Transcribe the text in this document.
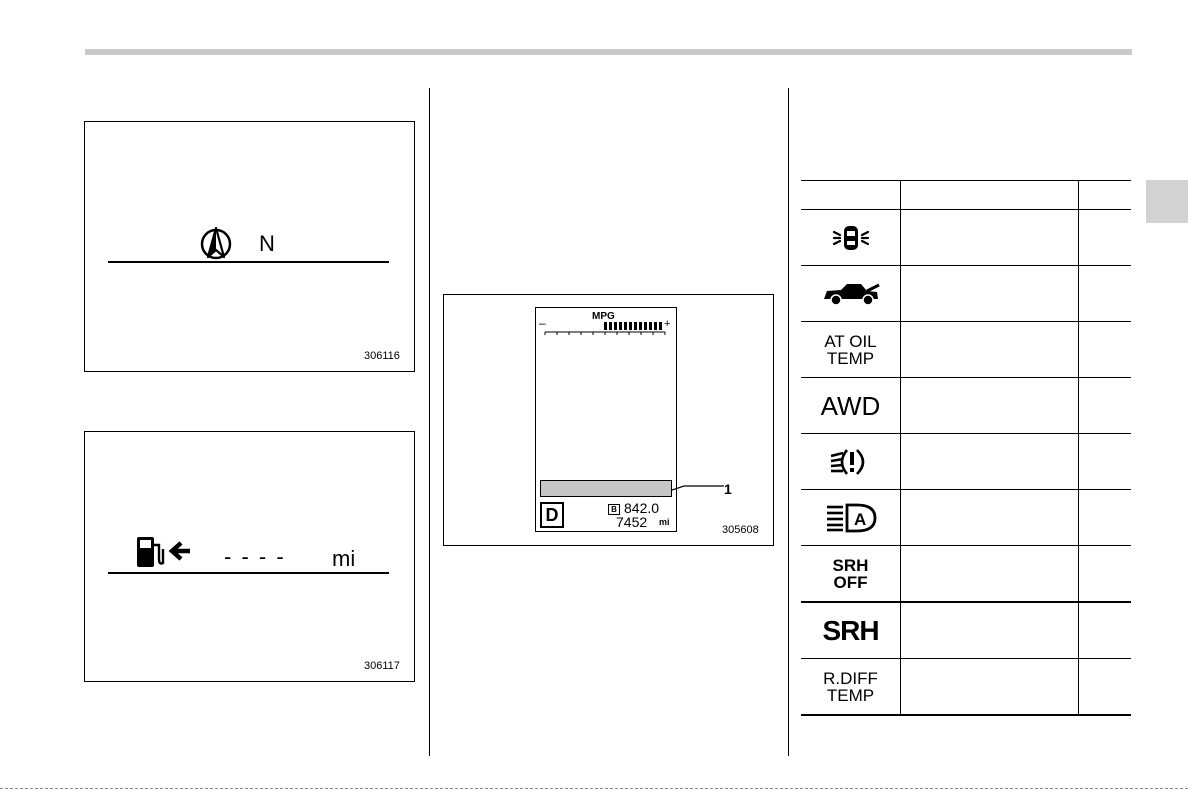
N
306116
- - - - mi
306117
MPG
–	+
1
D	B 842.0
7452 mi
305608
AT OIL
TEMP
AWD
A
SRH
OFF
SRH
R.DIFF
TEMP
